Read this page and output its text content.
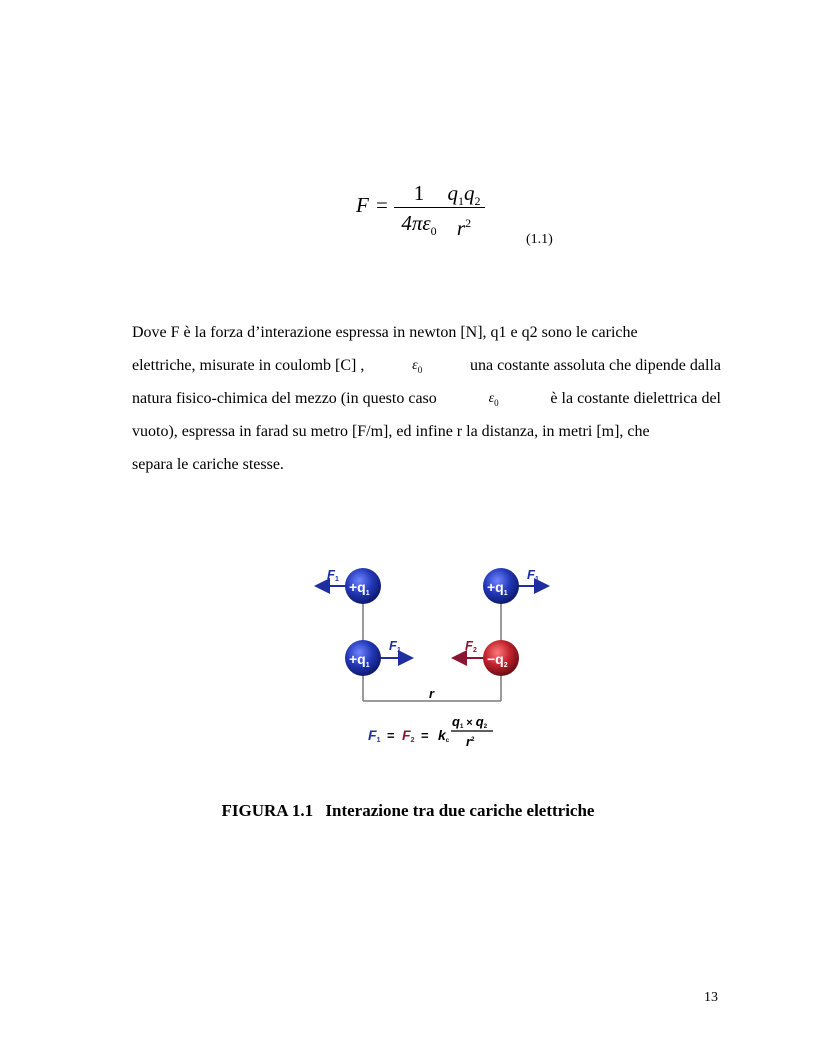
F =	1
$4\pi\varepsilon_0$
$q_1q_2$
$r^2$
(1.1)
Dove F è la forza d’interazione espressa in newton [N], q1 e q2 sono le cariche
elettriche, misurate in coulomb [C] ,	$\varepsilon_0$	una costante assoluta che dipende dalla
natura fisico-chimica del mezzo (in questo caso	$\varepsilon_0$	è la costante dielettrica del
vuoto), espressa in farad su metro [F/m], ed infine r la distanza, in metri [m], che
separa le cariche stesse.
$+q_1$	$+q_1$
$+q_1$	$-q_2$
F1	F1
F1	F2
r
F1 = F2 = kc
q1 × q2
$r^2$
FIGURA 1.1 Interazione tra due cariche elettriche
13
